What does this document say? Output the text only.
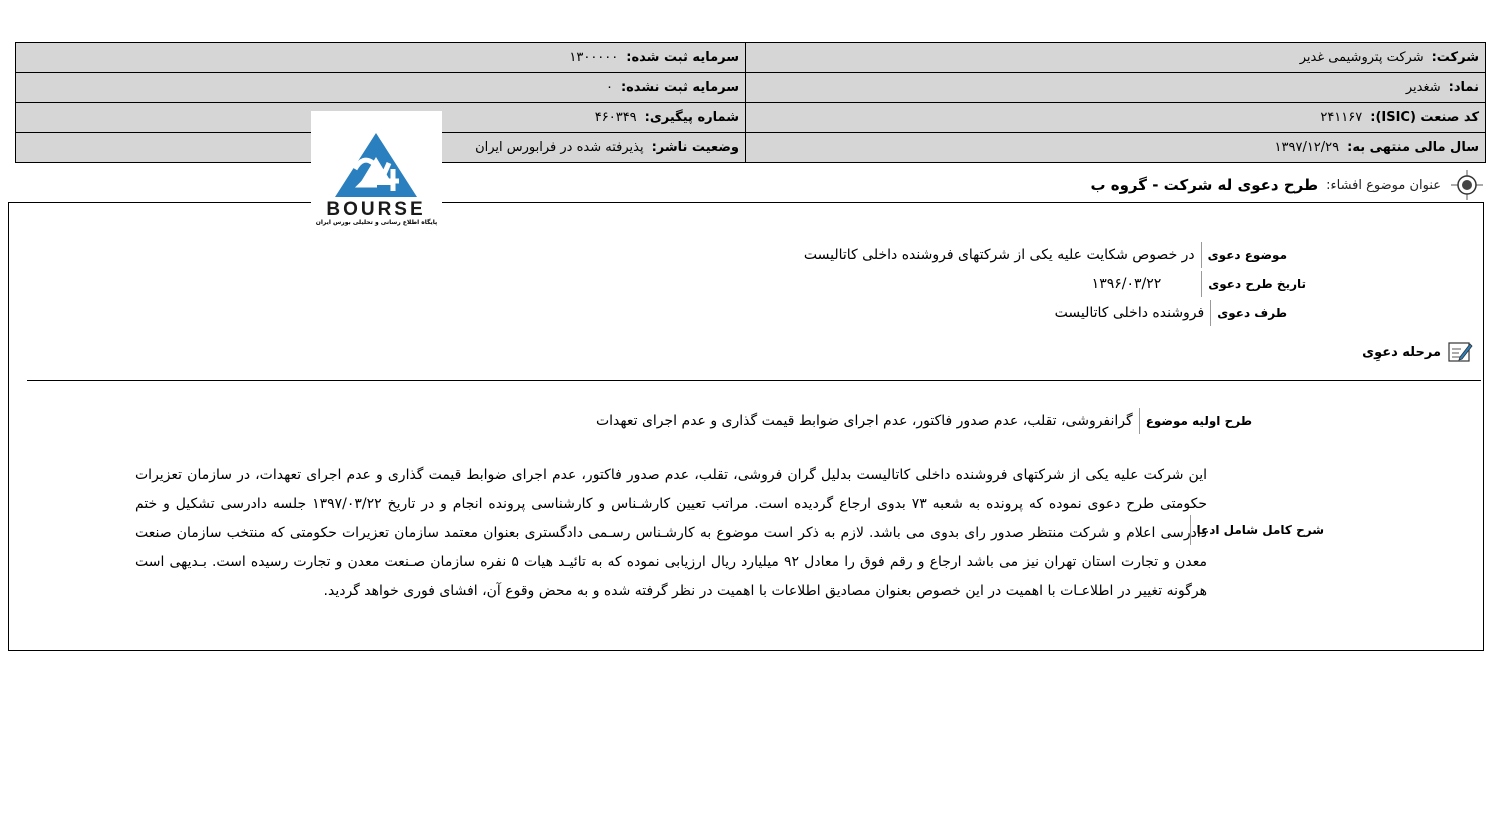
شرکت:
شرکت پتروشیمی غدیر
سرمایه ثبت شده:
۱۳۰۰۰۰۰
نماد:
شغدیر
سرمایه ثبت نشده:
۰
کد صنعت (ISIC):
۲۴۱۱۶۷
شماره پیگیری:
۴۶۰۳۴۹
سال مالی منتهی به:
۱۳۹۷/۱۲/۲۹
وضعیت ناشر:
پذیرفته شده در فرابورس ایران
BOURSE
پایگاه اطلاع رسانی و تحلیلی بورس ایران
عنوان موضوع افشاء:
طرح دعوی له شرکت - گروه ب
موضوع دعوی
در خصوص شکایت علیه یکی از شرکتهای فروشنده داخلی کاتالیست
تاریخ طرح دعوی
۱۳۹۶/۰۳/۲۲
طرف دعوی
فروشنده داخلی کاتالیست
مرحله دعوِی
طرح اولیه موضوع
گرانفروشی، تقلب، عدم صدور فاکتور، عدم اجرای ضوابط قیمت گذاری و عدم اجرای تعهدات
شرح کامل شامل ادعا
این شرکت علیه یکی از شرکتهای فروشنده داخلی کاتالیست بدلیل گران فروشی، تقلب، عدم صدور فاکتور، عدم اجرای ضوابط قیمت گذاری و عدم اجرای تعهدات، در سازمان تعزیرات حکومتی طرح دعوی نموده که پرونده به شعبه ۷۳ بدوی ارجاع گردیده است. مراتب تعیین کارشـناس و کارشناسی پرونده انجام و در تاریخ ۱۳۹۷/۰۳/۲۲ جلسه دادرسی تشکیل و ختم دادرسی اعلام و شرکت منتظر صدور رای بدوی می باشد. لازم به ذکر است موضوع به کارشـناس رسـمی دادگستری بعنوان معتمد سازمان تعزیرات حکومتی که منتخب سازمان صنعت معدن و تجارت استان تهران نیز می باشد ارجاع و رقم فوق را معادل ۹۲ میلیارد ریال ارزیابی نموده که به تائیـد هیات ۵ نفره سازمان صـنعت معدن و تجارت رسیده است. بـدیهی است هرگونه تغییر در اطلاعـات با اهمیت در این خصوص بعنوان مصادیق اطلاعات با اهمیت در نظر گرفته شده و به محض وقوع آن، افشای فوری خواهد گردید.
